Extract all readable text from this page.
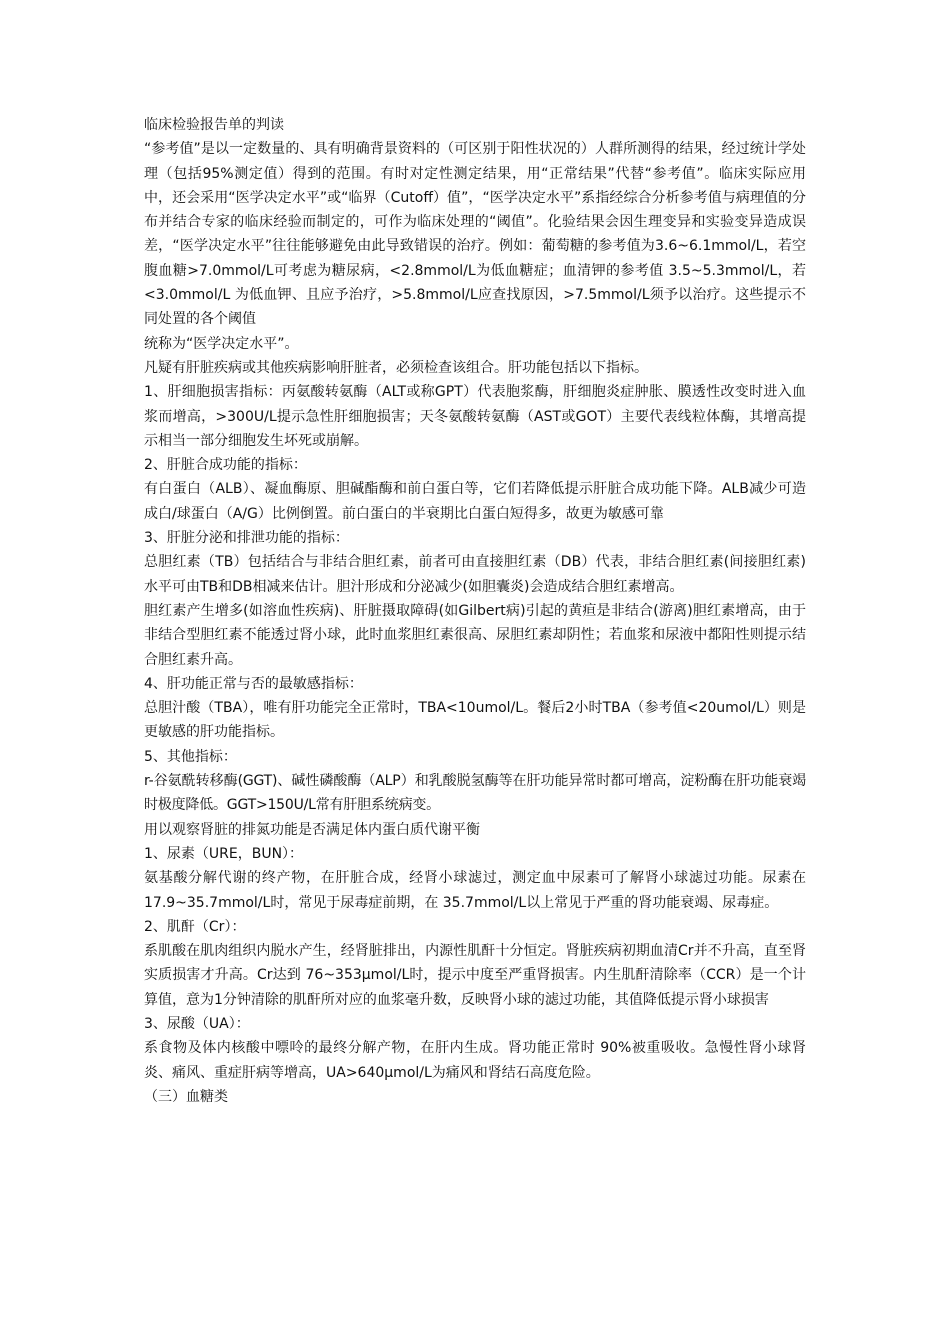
临床检验报告单的判读

“参考值”是以一定数量的、具有明确背景资料的（可区别于阳性状况的）人群所测得的结果，经过统计学处理（包括95%测定值）得到的范围。有时对定性测定结果，用“正常结果”代替“参考值”。临床实际应用中，还会采用“医学决定水平”或“临界（Cutoff）值”，“医学决定水平”系指经综合分析参考值与病理值的分布并结合专家的临床经验而制定的，可作为临床处理的“阈值”。化验结果会因生理变异和实验变异造成误差，“医学决定水平”往往能够避免由此导致错误的治疗。例如：葡萄糖的参考值为3.6~6.1mmol/L，若空腹血糖>7.0mmol/L可考虑为糖尿病，<2.8mmol/L为低血糖症；血清钾的参考值 3.5~5.3mmol/L，若<3.0mmol/L 为低血钾、且应予治疗，>5.8mmol/L应查找原因，>7.5mmol/L须予以治疗。这些提示不同处置的各个阈值

统称为“医学决定水平”。

凡疑有肝脏疾病或其他疾病影响肝脏者，必须检查该组合。肝功能包括以下指标。

1、肝细胞损害指标：丙氨酸转氨酶（ALT或称GPT）代表胞浆酶，肝细胞炎症肿胀、膜透性改变时进入血浆而增高，>300U/L提示急性肝细胞损害；天冬氨酸转氨酶（AST或GOT）主要代表线粒体酶，其增高提示相当一部分细胞发生坏死或崩解。

2、肝脏合成功能的指标：

有白蛋白（ALB）、凝血酶原、胆碱酯酶和前白蛋白等，它们若降低提示肝脏合成功能下降。ALB减少可造成白/球蛋白（A/G）比例倒置。前白蛋白的半衰期比白蛋白短得多，故更为敏感可靠

3、肝脏分泌和排泄功能的指标：

总胆红素（TB）包括结合与非结合胆红素，前者可由直接胆红素（DB）代表，非结合胆红素(间接胆红素)水平可由TB和DB相减来估计。胆汁形成和分泌减少(如胆囊炎)会造成结合胆红素增高。

胆红素产生增多(如溶血性疾病)、肝脏摄取障碍(如Gilbert病)引起的黄疸是非结合(游离)胆红素增高，由于非结合型胆红素不能透过肾小球，此时血浆胆红素很高、尿胆红素却阴性；若血浆和尿液中都阳性则提示结合胆红素升高。

4、肝功能正常与否的最敏感指标：

总胆汁酸（TBA），唯有肝功能完全正常时，TBA<10umol/L。餐后2小时TBA（参考值<20umol/L）则是更敏感的肝功能指标。

5、其他指标：

r-谷氨酰转移酶(GGT)、碱性磷酸酶（ALP）和乳酸脱氢酶等在肝功能异常时都可增高，淀粉酶在肝功能衰竭时极度降低。GGT>150U/L常有肝胆系统病变。

用以观察肾脏的排氮功能是否满足体内蛋白质代谢平衡

1、尿素（URE，BUN）：

氨基酸分解代谢的终产物，在肝脏合成，经肾小球滤过，测定血中尿素可了解肾小球滤过功能。尿素在 17.9~35.7mmol/L时，常见于尿毒症前期，在 35.7mmol/L以上常见于严重的肾功能衰竭、尿毒症。

2、肌酐（Cr）：

系肌酸在肌肉组织内脱水产生，经肾脏排出，内源性肌酐十分恒定。肾脏疾病初期血清Cr并不升高，直至肾实质损害才升高。Cr达到 76~353μmol/L时，提示中度至严重肾损害。内生肌酐清除率（CCR）是一个计算值，意为1分钟清除的肌酐所对应的血浆毫升数，反映肾小球的滤过功能，其值降低提示肾小球损害

3、尿酸（UA）：

系食物及体内核酸中嘌呤的最终分解产物，在肝内生成。肾功能正常时 90%被重吸收。急慢性肾小球肾炎、痛风、重症肝病等增高，UA>640μmol/L为痛风和肾结石高度危险。

（三）血糖类
